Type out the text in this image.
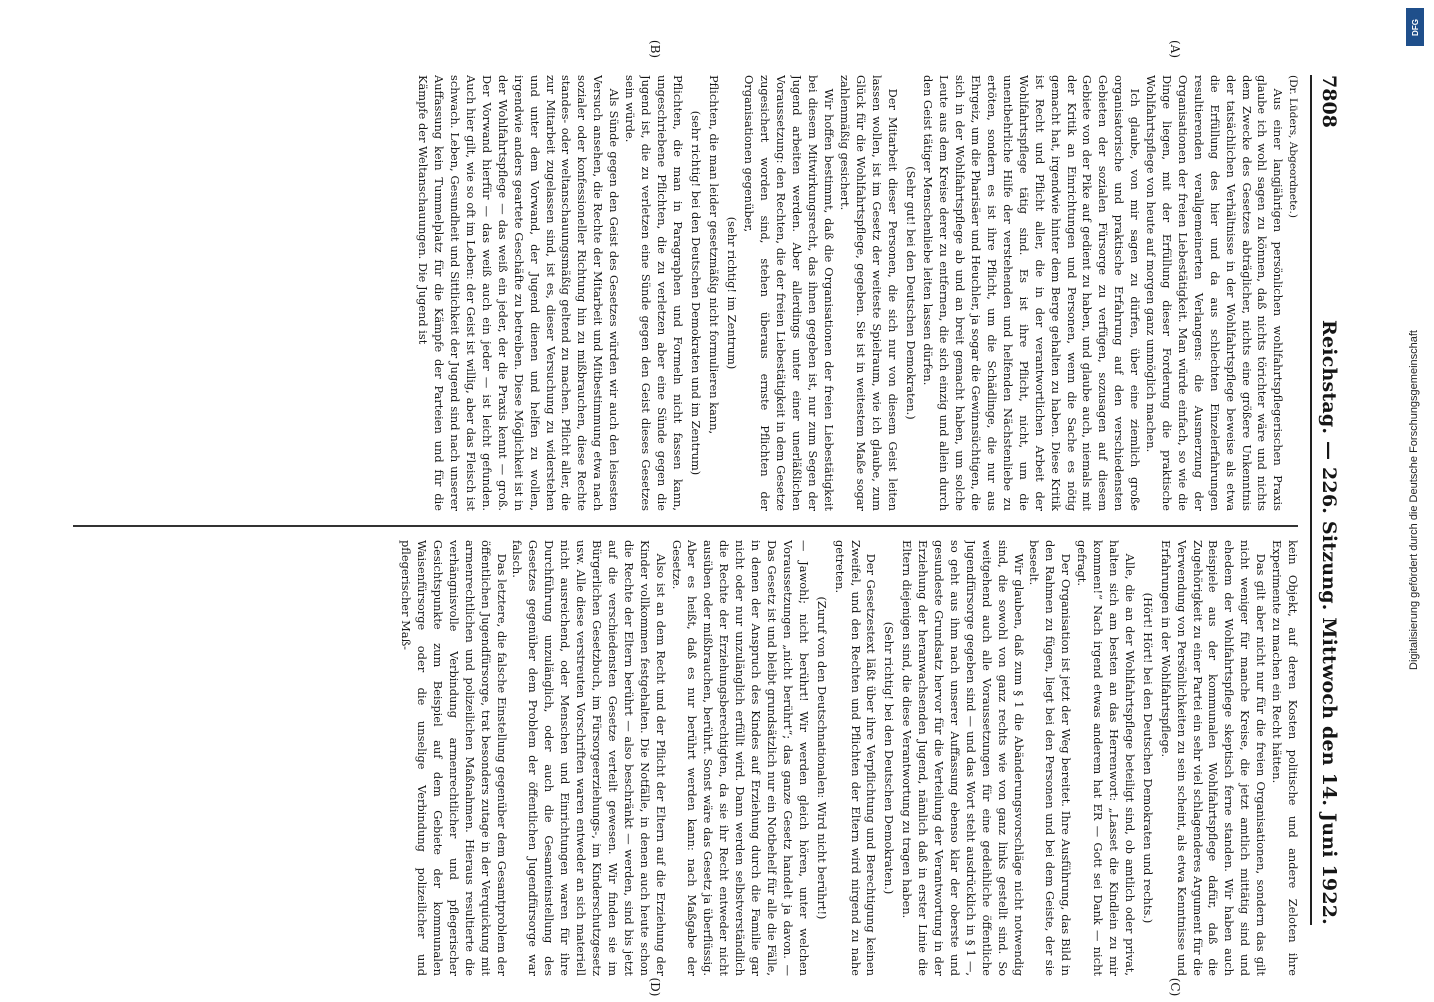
7808
Reichstag. — 226. Sitzung. Mittwoch den 14. Juni 1922.
(A)
(B)
(C)
(D)

(Dr. Lüders, Abgeordnete.)

Aus einer langjährigen persönlichen wohlfahrtspflegerischen Praxis glaube ich wohl sagen zu können, daß nichts törichter wäre und nichts dem Zwecke des Gesetzes abträglicher, nichts eine größere Unkenntnis der tatsächlichen Verhältnisse in der Wohlfahrtspflege beweise als etwa die Erfüllung des hier und da aus schlechten Einzelerfahrungen resultierenden verallgemeinerten Verlangens: die Ausmerzung der Organisationen der freien Liebestätigkeit. Man würde einfach, so wie die Dinge liegen, mit der Erfüllung dieser Forderung die praktische Wohlfahrtspflege von heute auf morgen ganz unmöglich machen.

Ich glaube, von mir sagen zu dürfen, über eine ziemlich große organisatorische und praktische Erfahrung auf den verschiedensten Gebieten der sozialen Fürsorge zu verfügen, sozusagen auf diesem Gebiete von der Pike auf gedient zu haben, und glaube auch, niemals mit der Kritik an Einrichtungen und Personen, wenn die Sache es nötig gemacht hat, irgendwie hinter dem Berge gehalten zu haben. Diese Kritik ist Recht und Pflicht aller, die in der verantwortlichen Arbeit der Wohlfahrtspflege tätig sind. Es ist ihre Pflicht, nicht, um die unentbehrliche Hilfe der verstehenden und helfenden Nächstenliebe zu ertöten, sondern es ist ihre Pflicht, um die Schädlinge, die nur aus Ehrgeiz, um die Pharisäer und Heuchler, ja sogar die Gewinnsüchtigen, die sich in der Wohlfahrtspflege ab und an breit gemacht haben, um solche Leute aus dem Kreise derer zu entfernen, die sich einzig und allein durch den Geist tätiger Menschenliebe leiten lassen dürfen.

(Sehr gut! bei den Deutschen Demokraten.)

Der Mitarbeit dieser Personen, die sich nur von diesem Geist leiten lassen wollen, ist im Gesetz der weiteste Spielraum, wie ich glaube, zum Glück für die Wohlfahrtspflege, gegeben. Sie ist in weitestem Maße sogar zahlenmäßig gesichert.

Wir hoffen bestimmt, daß die Organisationen der freien Liebestätigkeit bei diesem Mitwirkungsrecht, das ihnen gegeben ist, nur zum Segen der Jugend arbeiten werden. Aber allerdings unter einer unerläßlichen Voraussetzung: den Rechten, die der freien Liebestätigkeit in dem Gesetze zugesichert worden sind, stehen überaus ernste Pflichten der Organisationen gegenüber,

(sehr richtig! im Zentrum)

Pflichten, die man leider gesetzmäßig nicht formulieren kann,

(sehr richtig! bei den Deutschen Demokraten und im Zentrum)

Pflichten, die man in Paragraphen und Formeln nicht fassen kann, ungeschriebene Pflichten, die zu verletzen aber eine Sünde gegen die Jugend ist, die zu verletzen eine Sünde gegen den Geist dieses Gesetzes sein würde.

Als Sünde gegen den Geist des Gesetzes würden wir auch den leisesten Versuch ansehen, die Rechte der Mitarbeit und Mitbestimmung etwa nach sozialer oder konfessioneller Richtung hin zu mißbrauchen, diese Rechte standes- oder weltanschauungsmäßig geltend zu machen. Pflicht aller, die zur Mitarbeit zugelassen sind, ist es, dieser Versuchung zu widerstehen und unter dem Vorwand, der Jugend dienen und helfen zu wollen, irgendwie anders geartete Geschäfte zu betreiben. Diese Möglichkeit ist in der Wohlfahrtspflege — das weiß ein jeder, der die Praxis kennt — groß. Der Vorwand hierfür — das weiß auch ein jeder — ist leicht gefunden. Auch hier gilt, wie so oft im Leben: der Geist ist willig, aber das Fleisch ist schwach. Leben, Gesundheit und Sittlichkeit der Jugend sind nach unserer Auffassung kein Tummelplatz für die Kämpfe der Parteien und für die Kämpfe der Weltanschauungen. Die Jugend ist

kein Objekt, auf deren Kosten politische und andere Zeloten ihre Experimente zu machen ein Recht hätten.

Das gilt aber nicht nur für die freien Organisationen, sondern das gilt nicht weniger für manche Kreise, die jetzt amtlich mittätig sind und ehedem der Wohlfahrtspflege skeptisch ferne standen. Wir haben auch Beispiele aus der kommunalen Wohlfahrtspflege dafür, daß die Zugehörigkeit zu einer Partei ein sehr viel schlagenderes Argument für die Verwendung von Persönlichkeiten zu sein scheint, als etwa Kenntnisse und Erfahrungen in der Wohlfahrtspflege.

(Hört! Hört! bei den Deutschen Demokraten und rechts.)

Alle, die an der Wohlfahrtspflege beteiligt sind, ob amtlich oder privat, halten sich am besten an das Herrenwort: „Lasset die Kindlein zu mir kommen!“ Nach irgend etwas anderem hat ER — Gott sei Dank — nicht gefragt.

Der Organisation ist jetzt der Weg bereitet. Ihre Ausführung, das Bild in den Rahmen zu fügen, liegt bei den Personen und bei dem Geiste, der sie beseelt.

Wir glauben, daß zum § 1 die Abänderungsvorschläge nicht notwendig sind, die sowohl von ganz rechts wie von ganz links gestellt sind. So weitgehend auch alle Voraussetzungen für eine gedeihliche öffentliche Jugendfürsorge gegeben sind — und das Wort steht ausdrücklich in § 1 —, so geht aus ihm nach unserer Auffassung ebenso klar der oberste und gesundeste Grundsatz hervor für die Verteilung der Verantwortung in der Erziehung der heranwachsenden Jugend, nämlich daß in erster Linie die Eltern diejenigen sind, die diese Verantwortung zu tragen haben.

(Sehr richtig! bei den Deutschen Demokraten.)

Der Gesetzestext läßt über ihre Verpflichtung und Berechtigung keinen Zweifel, und den Rechten und Pflichten der Eltern wird nirgend zu nahe getreten.

(Zuruf von den Deutschnationalen: Wird nicht berührt!)

— Jawohl; nicht berührt! Wir werden gleich hören, unter welchen Voraussetzungen „nicht berührt“; das ganze Gesetz handelt ja davon. — Das Gesetz ist und bleibt grundsätzlich nur ein Notbehelf für alle die Fälle, in denen der Anspruch des Kindes auf Erziehung durch die Familie gar nicht oder nur unzulänglich erfüllt wird. Dann werden selbstverständlich die Rechte der Erziehungsberechtigten, da sie ihr Recht entweder nicht ausüben oder mißbrauchen, berührt. Sonst wäre das Gesetz ja überflüssig. Aber es heißt, daß es nur berührt werden kann: nach Maßgabe der Gesetze.

Also ist an dem Recht und der Pflicht der Eltern auf die Erziehung der Kinder vollkommen festgehalten. Die Notfälle, in denen auch heute schon die Rechte der Eltern berührt — also beschränkt — werden, sind bis jetzt auf die verschiedensten Gesetze verteilt gewesen. Wir finden sie im Bürgerlichen Gesetzbuch, im Fürsorgeerziehungs-, im Kinderschutzgesetz usw. Alle diese verstreuten Vorschriften waren entweder an sich materiell nicht ausreichend, oder Menschen und Einrichtungen waren für ihre Durchführung unzulänglich, oder auch die Gesamteinstellung des Gesetzes gegenüber dem Problem der öffentlichen Jugendfürsorge war falsch.

Das letztere, die falsche Einstellung gegenüber dem Gesamtproblem der öffentlichen Jugendfürsorge, trat besonders zutage in der Verquickung mit armenrechtlichen und polizeilichen Maßnahmen. Hieraus resultierte die verhängnisvolle Verbindung armenrechtlicher und pflegerischer Gesichtspunkte zum Beispiel auf dem Gebiete der kommunalen Waisenfürsorge oder die unselige Verbindung polizeilicher und pflegerischer Maß-

DFG
Digitalisierung gefördert durch die Deutsche Forschungsgemeinschaft
